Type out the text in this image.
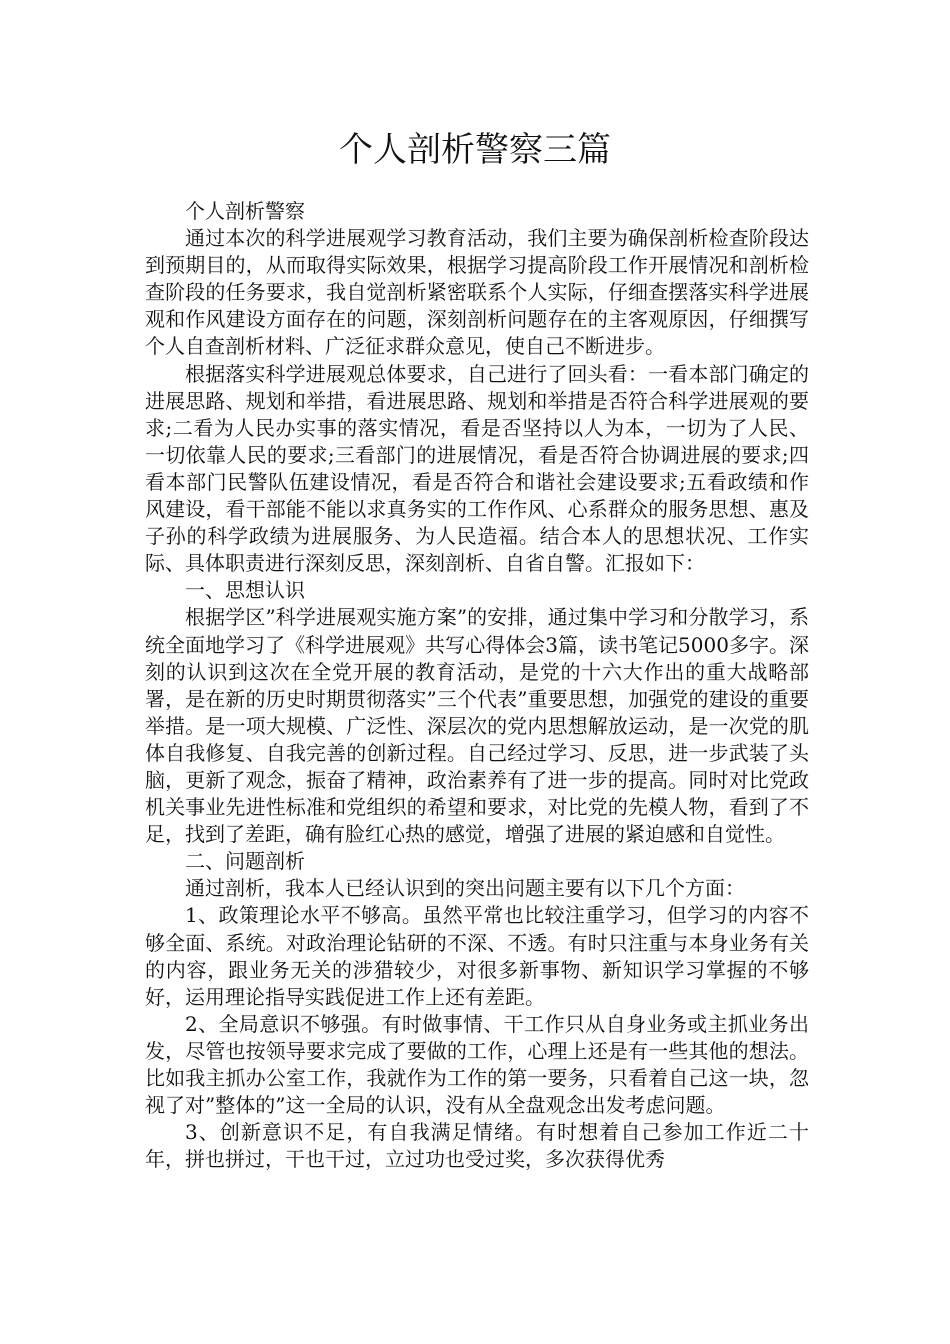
个人剖析警察三篇

个人剖析警察

通过本次的科学进展观学习教育活动，我们主要为确保剖析检查阶段达到预期目的，从而取得实际效果，根据学习提高阶段工作开展情况和剖析检查阶段的任务要求，我自觉剖析紧密联系个人实际，仔细查摆落实科学进展观和作风建设方面存在的问题，深刻剖析问题存在的主客观原因，仔细撰写个人自查剖析材料、广泛征求群众意见，使自己不断进步。

根据落实科学进展观总体要求，自己进行了回头看：一看本部门确定的进展思路、规划和举措，看进展思路、规划和举措是否符合科学进展观的要求;二看为人民办实事的落实情况，看是否坚持以人为本，一切为了人民、一切依靠人民的要求;三看部门的进展情况，看是否符合协调进展的要求;四看本部门民警队伍建设情况，看是否符合和谐社会建设要求;五看政绩和作风建设，看干部能不能以求真务实的工作作风、心系群众的服务思想、惠及子孙的科学政绩为进展服务、为人民造福。结合本人的思想状况、工作实际、具体职责进行深刻反思，深刻剖析、自省自警。汇报如下：

一、思想认识

根据学区”科学进展观实施方案”的安排，通过集中学习和分散学习，系统全面地学习了《科学进展观》共写心得体会3篇，读书笔记5000多字。深刻的认识到这次在全党开展的教育活动，是党的十六大作出的重大战略部署，是在新的历史时期贯彻落实”三个代表”重要思想，加强党的建设的重要举措。是一项大规模、广泛性、深层次的党内思想解放运动，是一次党的肌体自我修复、自我完善的创新过程。自己经过学习、反思，进一步武装了头脑，更新了观念，振奋了精神，政治素养有了进一步的提高。同时对比党政机关事业先进性标准和党组织的希望和要求，对比党的先模人物，看到了不足，找到了差距，确有脸红心热的感觉，增强了进展的紧迫感和自觉性。

二、问题剖析

通过剖析，我本人已经认识到的突出问题主要有以下几个方面：

1、政策理论水平不够高。虽然平常也比较注重学习，但学习的内容不够全面、系统。对政治理论钻研的不深、不透。有时只注重与本身业务有关的内容，跟业务无关的涉猎较少，对很多新事物、新知识学习掌握的不够好，运用理论指导实践促进工作上还有差距。

2、全局意识不够强。有时做事情、干工作只从自身业务或主抓业务出发，尽管也按领导要求完成了要做的工作，心理上还是有一些其他的想法。比如我主抓办公室工作，我就作为工作的第一要务，只看着自己这一块，忽视了对”整体的”这一全局的认识，没有从全盘观念出发考虑问题。

3、创新意识不足，有自我满足情绪。有时想着自己参加工作近二十年，拼也拼过，干也干过，立过功也受过奖，多次获得优秀
